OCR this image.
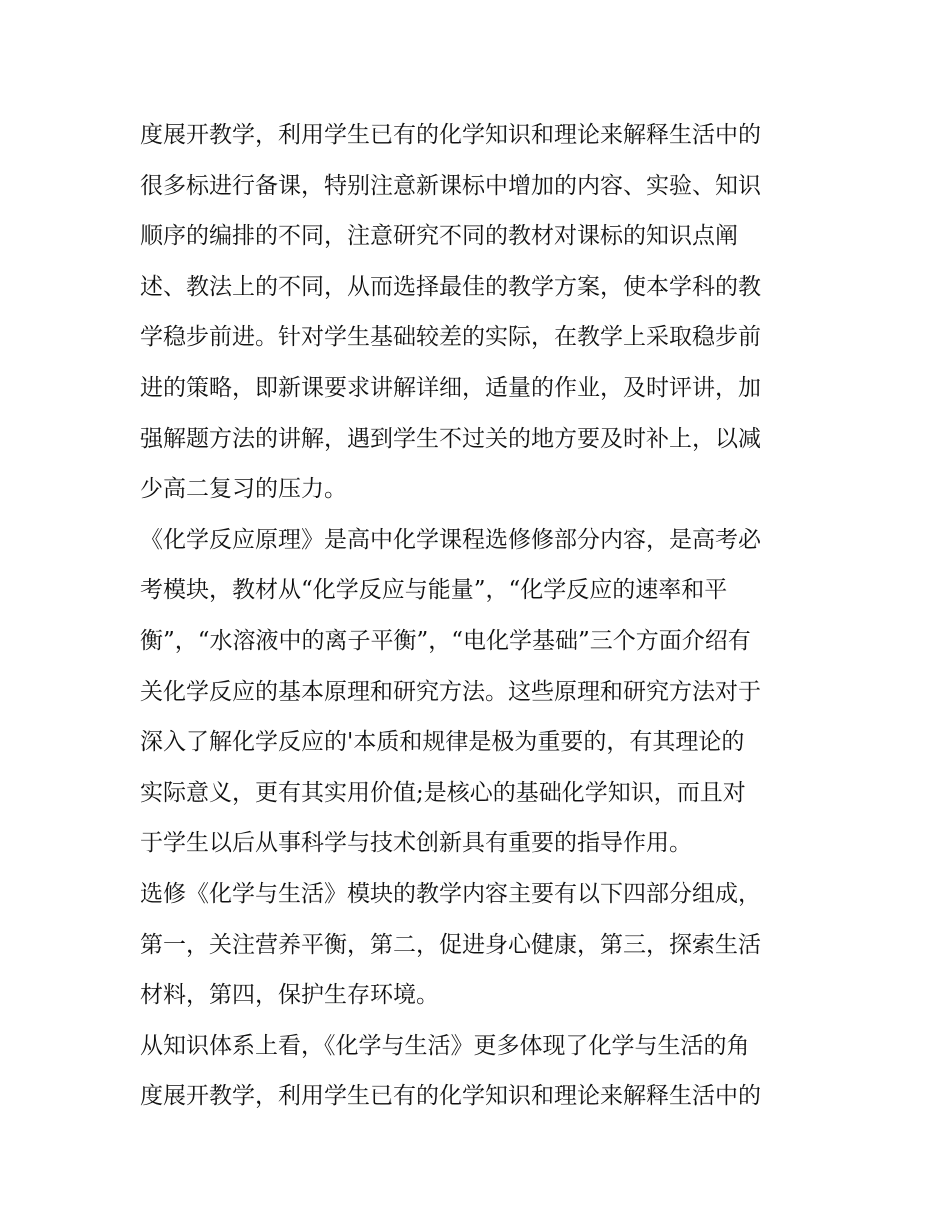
度展开教学，利用学生已有的化学知识和理论来解释生活中的
很多标进行备课，特别注意新课标中增加的内容、实验、知识
顺序的编排的不同，注意研究不同的教材对课标的知识点阐
述、教法上的不同，从而选择最佳的教学方案，使本学科的教
学稳步前进。针对学生基础较差的实际，在教学上采取稳步前
进的策略，即新课要求讲解详细，适量的作业，及时评讲，加
强解题方法的讲解，遇到学生不过关的地方要及时补上，以减
少高二复习的压力。
《化学反应原理》是高中化学课程选修修部分内容，是高考必
考模块，教材从“化学反应与能量”，“化学反应的速率和平
衡”，“水溶液中的离子平衡”，“电化学基础”三个方面介绍有
关化学反应的基本原理和研究方法。这些原理和研究方法对于
深入了解化学反应的'本质和规律是极为重要的，有其理论的
实际意义，更有其实用价值;是核心的基础化学知识，而且对
于学生以后从事科学与技术创新具有重要的指导作用。
选修《化学与生活》模块的教学内容主要有以下四部分组成，
第一，关注营养平衡，第二，促进身心健康，第三，探索生活
材料，第四，保护生存环境。
从知识体系上看，《化学与生活》更多体现了化学与生活的角
度展开教学，利用学生已有的化学知识和理论来解释生活中的
